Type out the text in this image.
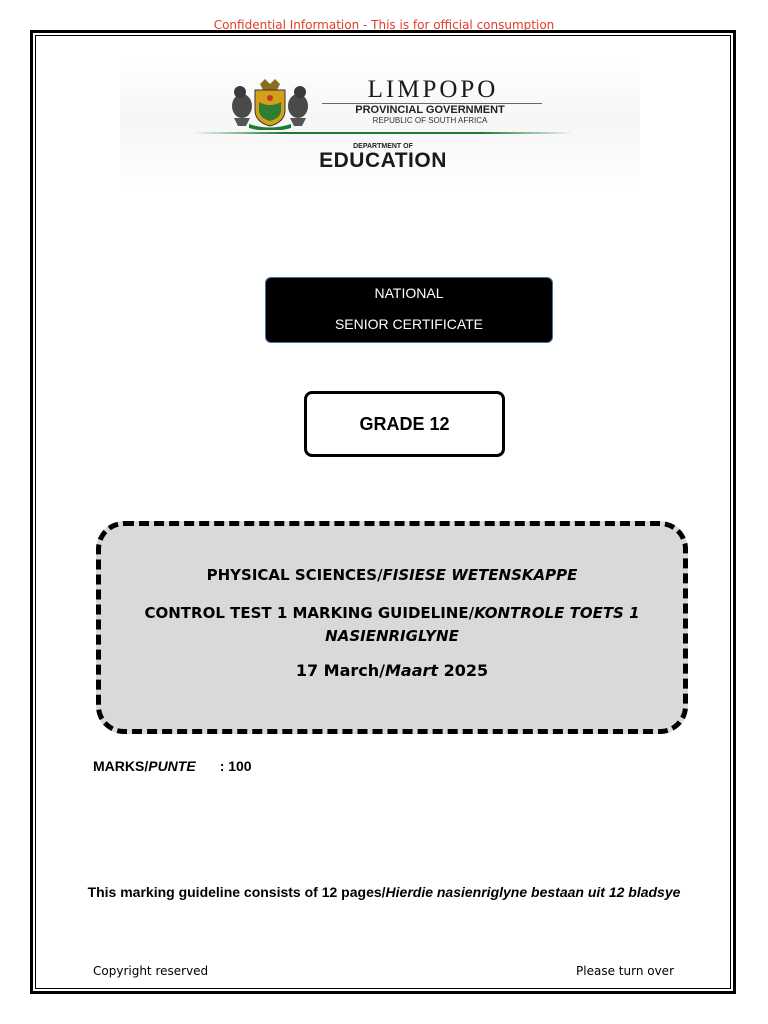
Confidential Information - This is for official consumption
LIMPOPO
PROVINCIAL GOVERNMENT
REPUBLIC OF SOUTH AFRICA
DEPARTMENT OF
EDUCATION
NATIONAL
SENIOR CERTIFICATE
GRADE 12
PHYSICAL SCIENCES/FISIESE WETENSKAPPE
CONTROL TEST 1 MARKING GUIDELINE/KONTROLE TOETS 1 NASIENRIGLYNE
17 March/Maart 2025
MARKS/PUNTE : 100
This marking guideline consists of 12 pages/Hierdie nasienriglyne bestaan uit 12 bladsye
Copyright reserved	Please turn over
